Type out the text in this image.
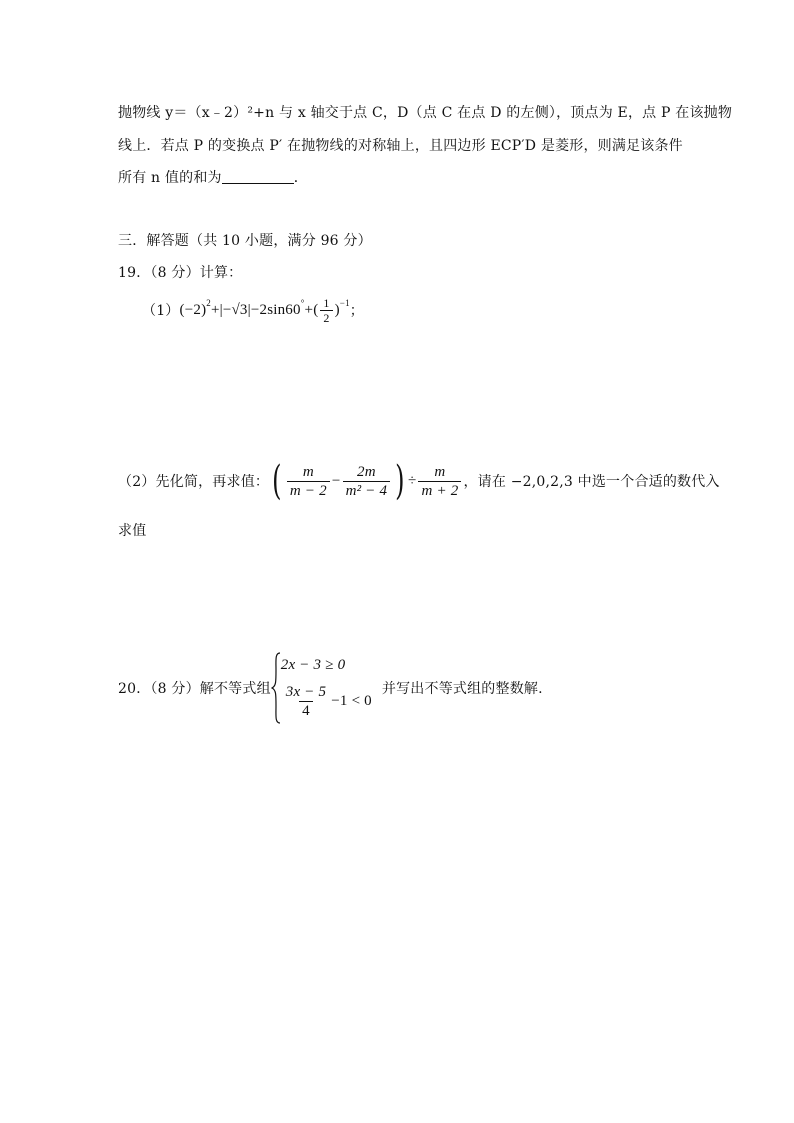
抛物线 y＝（x﹣2）²+n 与 x 轴交于点 C，D（点 C 在点 D 的左侧），顶点为 E，点 P 在该抛物
线上．若点 P 的变换点 P′ 在抛物线的对称轴上，且四边形 ECP′D 是菱形，则满足该条件
所有 n 值的和为	．
三．解答题（共 10 小题，满分 96 分）
19．（8 分）计算：
（1） $(-2)^2+|-√3|-2\sin 60^\circ+( \frac{1}{2} )^{-1}$
；
（2）先化简，再求值： ( $\frac{m}{m - 2} - \frac{2m}{\text{m² − 4}}$ ) ÷ $\frac{m}{m + 2}$ ，请在 −2,0,2,3 中选一个合适的数代入
求值
20．（8 分）解不等式组
2x − 3 ≥ 0
$\frac{3x - 5}{4} -1 < 0$
并写出不等式组的整数解.
